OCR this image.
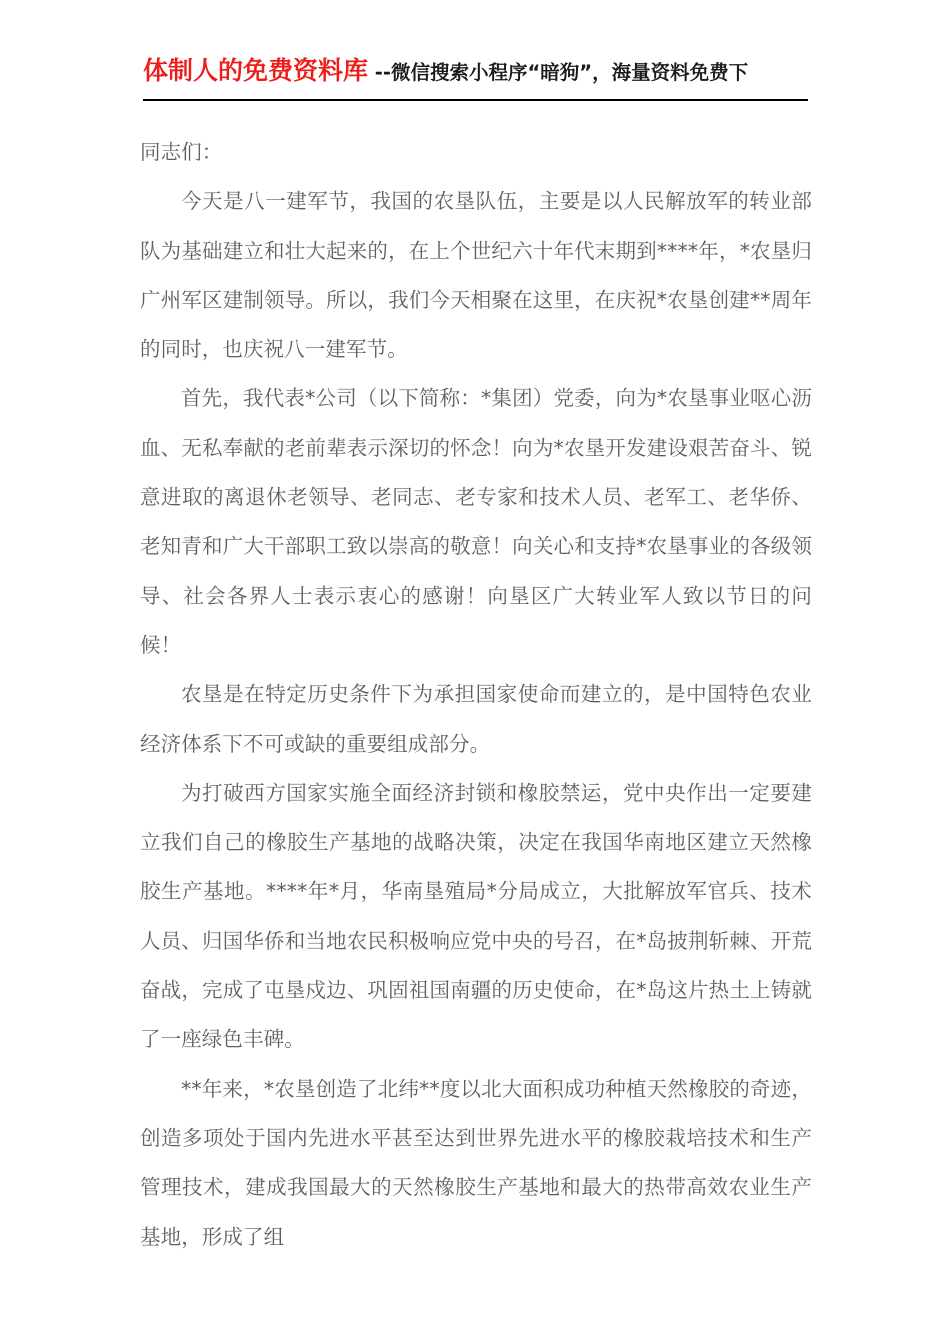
体制人的免费资料库 --微信搜索小程序“暗狗”，海量资料免费下

同志们：

今天是八一建军节，我国的农垦队伍，主要是以人民解放军的转业部队为基础建立和壮大起来的，在上个世纪六十年代末期到****年，*农垦归广州军区建制领导。所以，我们今天相聚在这里，在庆祝*农垦创建**周年的同时，也庆祝八一建军节。

首先，我代表*公司（以下简称：*集团）党委，向为*农垦事业呕心沥血、无私奉献的老前辈表示深切的怀念！向为*农垦开发建设艰苦奋斗、锐意进取的离退休老领导、老同志、老专家和技术人员、老军工、老华侨、老知青和广大干部职工致以崇高的敬意！向关心和支持*农垦事业的各级领导、社会各界人士表示衷心的感谢！向垦区广大转业军人致以节日的问候！

农垦是在特定历史条件下为承担国家使命而建立的，是中国特色农业经济体系下不可或缺的重要组成部分。

为打破西方国家实施全面经济封锁和橡胶禁运，党中央作出一定要建立我们自己的橡胶生产基地的战略决策，决定在我国华南地区建立天然橡胶生产基地。****年*月，华南垦殖局*分局成立，大批解放军官兵、技术人员、归国华侨和当地农民积极响应党中央的号召，在*岛披荆斩棘、开荒奋战，完成了屯垦戍边、巩固祖国南疆的历史使命，在*岛这片热土上铸就了一座绿色丰碑。

**年来，*农垦创造了北纬**度以北大面积成功种植天然橡胶的奇迹，创造多项处于国内先进水平甚至达到世界先进水平的橡胶栽培技术和生产管理技术，建成我国最大的天然橡胶生产基地和最大的热带高效农业生产基地，形成了组
